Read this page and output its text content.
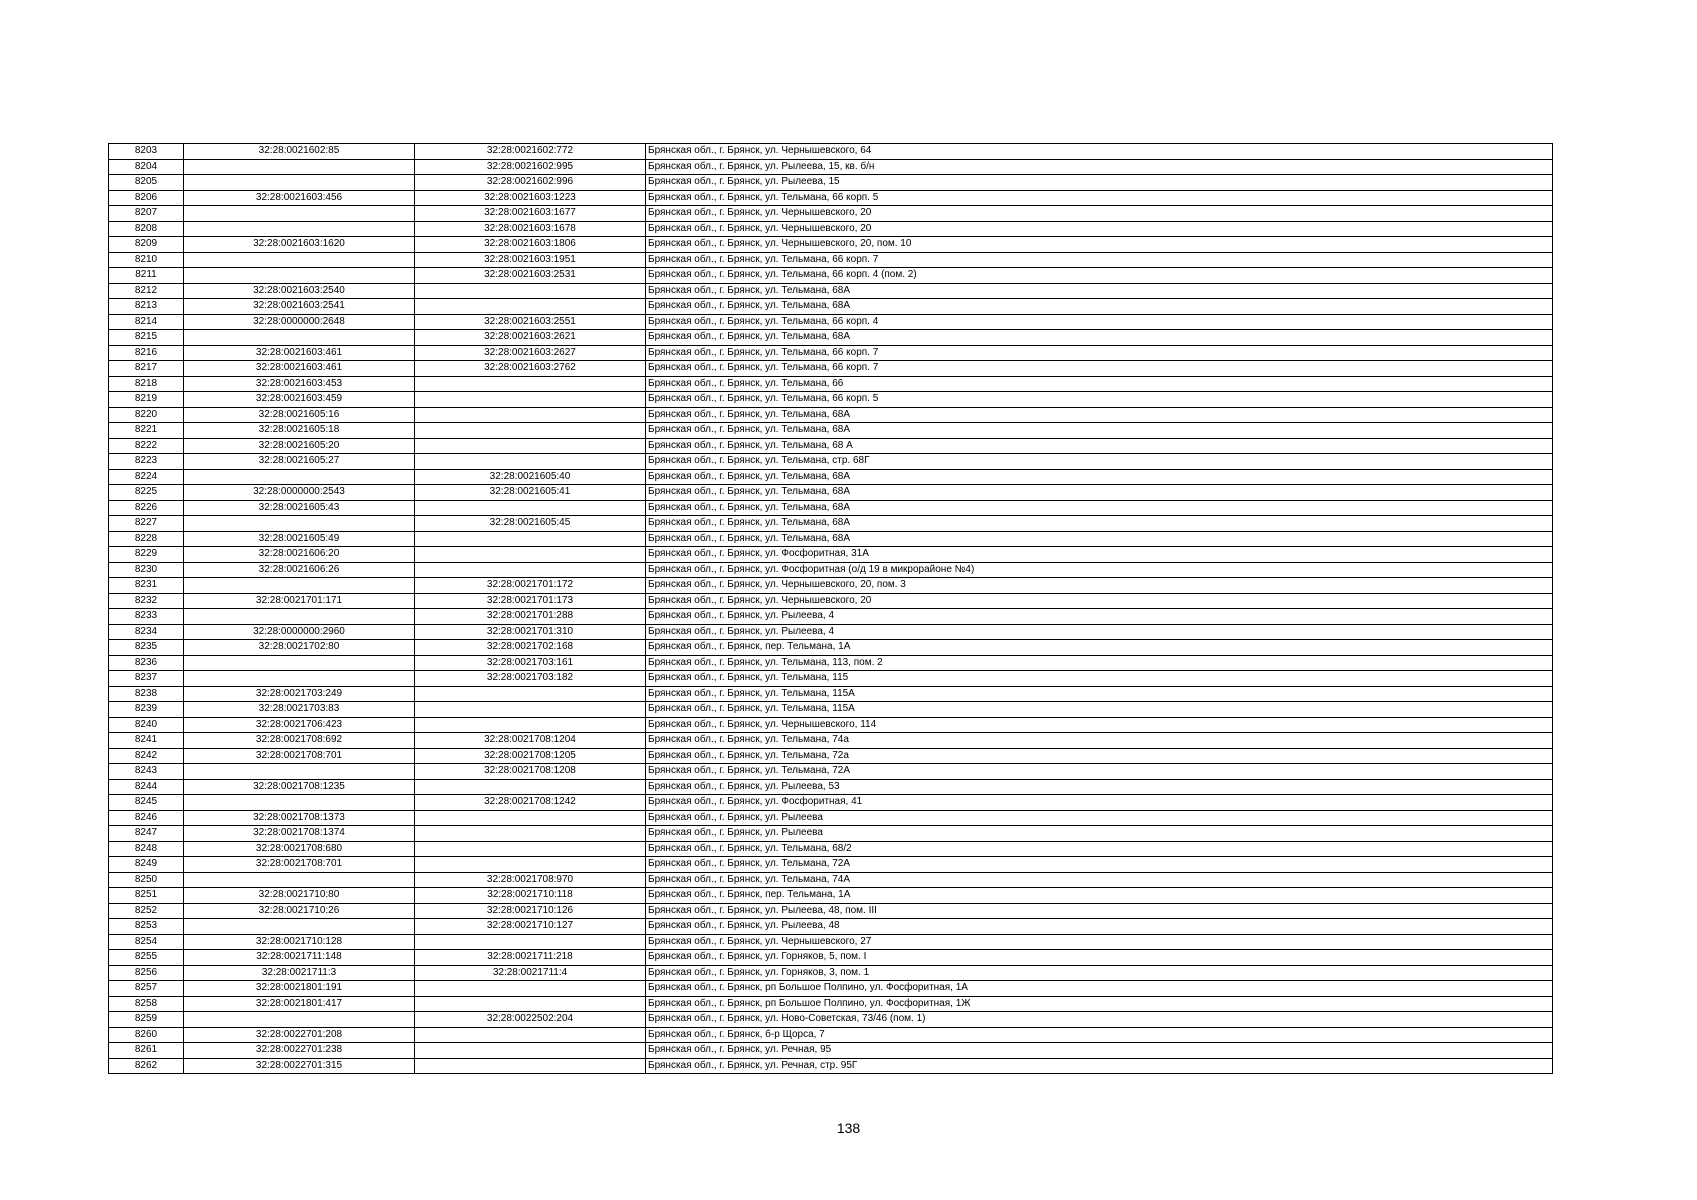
8203	32:28:0021602:85	32:28:0021602:772	Брянская обл., г. Брянск, ул. Чернышевского, 64
8204		32:28:0021602:995	Брянская обл., г. Брянск, ул. Рылеева, 15, кв. б/н
8205		32:28:0021602:996	Брянская обл., г. Брянск, ул. Рылеева, 15
8206	32:28:0021603:456	32:28:0021603:1223	Брянская обл., г. Брянск, ул. Тельмана, 66 корп. 5
8207		32:28:0021603:1677	Брянская обл., г. Брянск, ул. Чернышевского, 20
8208		32:28:0021603:1678	Брянская обл., г. Брянск, ул. Чернышевского, 20
8209	32:28:0021603:1620	32:28:0021603:1806	Брянская обл., г. Брянск, ул. Чернышевского, 20, пом. 10
8210		32:28:0021603:1951	Брянская обл., г. Брянск, ул. Тельмана, 66 корп. 7
8211		32:28:0021603:2531	Брянская обл., г. Брянск, ул. Тельмана, 66 корп. 4 (пом. 2)
8212	32:28:0021603:2540		Брянская обл., г. Брянск, ул. Тельмана, 68А
8213	32:28:0021603:2541		Брянская обл., г. Брянск, ул. Тельмана, 68А
8214	32:28:0000000:2648	32:28:0021603:2551	Брянская обл., г. Брянск, ул. Тельмана, 66 корп. 4
8215		32:28:0021603:2621	Брянская обл., г. Брянск, ул. Тельмана, 68А
8216	32:28:0021603:461	32:28:0021603:2627	Брянская обл., г. Брянск, ул. Тельмана, 66 корп. 7
8217	32:28:0021603:461	32:28:0021603:2762	Брянская обл., г. Брянск, ул. Тельмана, 66 корп. 7
8218	32:28:0021603:453		Брянская обл., г. Брянск, ул. Тельмана, 66
8219	32:28:0021603:459		Брянская обл., г. Брянск, ул. Тельмана, 66 корп. 5
8220	32:28:0021605:16		Брянская обл., г. Брянск, ул. Тельмана, 68А
8221	32:28:0021605:18		Брянская обл., г. Брянск, ул. Тельмана, 68А
8222	32:28:0021605:20		Брянская обл., г. Брянск, ул. Тельмана, 68 А
8223	32:28:0021605:27		Брянская обл., г. Брянск, ул. Тельмана, стр. 68Г
8224		32:28:0021605:40	Брянская обл., г. Брянск, ул. Тельмана, 68А
8225	32:28:0000000:2543	32:28:0021605:41	Брянская обл., г. Брянск, ул. Тельмана, 68А
8226	32:28:0021605:43		Брянская обл., г. Брянск, ул. Тельмана, 68А
8227		32:28:0021605:45	Брянская обл., г. Брянск, ул. Тельмана, 68А
8228	32:28:0021605:49		Брянская обл., г. Брянск, ул. Тельмана, 68А
8229	32:28:0021606:20		Брянская обл., г. Брянск, ул. Фосфоритная, 31А
8230	32:28:0021606:26		Брянская обл., г. Брянск, ул. Фосфоритная (о/д 19 в микрорайоне №4)
8231		32:28:0021701:172	Брянская обл., г. Брянск, ул. Чернышевского, 20, пом. 3
8232	32:28:0021701:171	32:28:0021701:173	Брянская обл., г. Брянск, ул. Чернышевского, 20
8233		32:28:0021701:288	Брянская обл., г. Брянск, ул. Рылеева, 4
8234	32:28:0000000:2960	32:28:0021701:310	Брянская обл., г. Брянск, ул. Рылеева, 4
8235	32:28:0021702:80	32:28:0021702:168	Брянская обл., г. Брянск, пер. Тельмана, 1А
8236		32:28:0021703:161	Брянская обл., г. Брянск, ул. Тельмана, 113, пом. 2
8237		32:28:0021703:182	Брянская обл., г. Брянск, ул. Тельмана, 115
8238	32:28:0021703:249		Брянская обл., г. Брянск, ул. Тельмана, 115А
8239	32:28:0021703:83		Брянская обл., г. Брянск, ул. Тельмана, 115А
8240	32:28:0021706:423		Брянская обл., г. Брянск, ул. Чернышевского, 114
8241	32:28:0021708:692	32:28:0021708:1204	Брянская обл., г. Брянск, ул. Тельмана, 74а
8242	32:28:0021708:701	32:28:0021708:1205	Брянская обл., г. Брянск, ул. Тельмана, 72а
8243		32:28:0021708:1208	Брянская обл., г. Брянск, ул. Тельмана, 72А
8244	32:28:0021708:1235		Брянская обл., г. Брянск, ул. Рылеева, 53
8245		32:28:0021708:1242	Брянская обл., г. Брянск, ул. Фосфоритная, 41
8246	32:28:0021708:1373		Брянская обл., г. Брянск, ул. Рылеева
8247	32:28:0021708:1374		Брянская обл., г. Брянск, ул. Рылеева
8248	32:28:0021708:680		Брянская обл., г. Брянск, ул. Тельмана, 68/2
8249	32:28:0021708:701		Брянская обл., г. Брянск, ул. Тельмана, 72А
8250		32:28:0021708:970	Брянская обл., г. Брянск, ул. Тельмана, 74А
8251	32:28:0021710:80	32:28:0021710:118	Брянская обл., г. Брянск, пер. Тельмана, 1А
8252	32:28:0021710:26	32:28:0021710:126	Брянская обл., г. Брянск, ул. Рылеева, 48, пом. III
8253		32:28:0021710:127	Брянская обл., г. Брянск, ул. Рылеева, 48
8254	32:28:0021710:128		Брянская обл., г. Брянск, ул. Чернышевского, 27
8255	32:28:0021711:148	32:28:0021711:218	Брянская обл., г. Брянск, ул. Горняков, 5, пом. I
8256	32:28:0021711:3	32:28:0021711:4	Брянская обл., г. Брянск, ул. Горняков, 3, пом. 1
8257	32:28:0021801:191		Брянская обл., г. Брянск, рп Большое Полпино, ул. Фосфоритная, 1А
8258	32:28:0021801:417		Брянская обл., г. Брянск, рп Большое Полпино, ул. Фосфоритная, 1Ж
8259		32:28:0022502:204	Брянская обл., г. Брянск, ул. Ново-Советская, 73/46 (пом. 1)
8260	32:28:0022701:208		Брянская обл., г. Брянск, б-р Щорса, 7
8261	32:28:0022701:238		Брянская обл., г. Брянск, ул. Речная, 95
8262	32:28:0022701:315		Брянская обл., г. Брянск, ул. Речная, стр. 95Г
138
